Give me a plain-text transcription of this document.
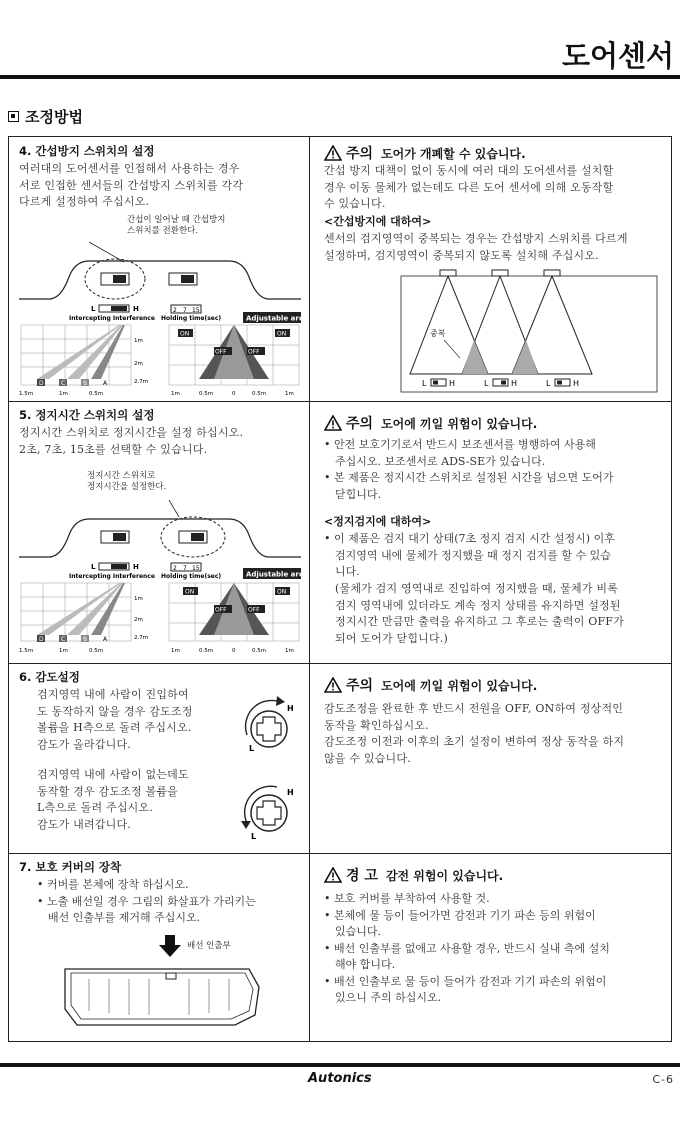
도어센서
조정방법
4. 간섭방지 스위치의 설정

여러대의 도어센서를 인접해서 사용하는 경우

서로 인접한 센서들의 간섭방지 스위치를 각각

다르게 설정하여 주십시오.

간섭이 일어날 때 간섭방지
스위치를 전환한다.
L	H
Intercepting Interference
2 7 15
Holding time(sec)	Adjustable are
1m
2m
2.7m
D	C	B	A
1.5m	1m	0.5m
ON	ON
OFF	OFF
1m	0.5m	0	0.5m	1m
주의 도어가 개폐할 수 있습니다.

간섭 방지 대책이 없이 동시에 여러 대의 도어센서를 설치할

경우 이동 물체가 없는데도 다른 도어 센서에 의해 오동작할

수 있습니다.

<간섭방지에 대하여>

센서의 검지영역이 중복되는 경우는 간섭방지 스위치를 다르게

설정하며, 검지영역이 중복되지 않도록 설치해 주십시오.

중복
L	H	L	H	L	H
5. 정지시간 스위치의 설정

정지시간 스위치로 정지시간을 설정 하십시오.

2초, 7초, 15초를 선택할 수 있습니다.

정지시간 스위치로
정지시간을 설정한다.
L	H
Intercepting Interference
2 7 15
Holding time(sec)	Adjustable are
1m
2m
2.7m
D	C	B	A
1.5m	1m	0.5m
ON	ON
OFF	OFF
1m	0.5m	0	0.5m	1m
주의 도어에 끼일 위험이 있습니다.

• 안전 보호기기로서 반드시 보조센서를 병행하여 사용해
주십시오. 보조센서로 ADS-SE가 있습니다.

• 본 제품은 정지시간 스위치로 설정된 시간을 넘으면 도어가
닫힙니다.

<정지검지에 대하여>

• 이 제품은 검지 대기 상태(7초 정지 검지 시간 설정시) 이후
검지영역 내에 물체가 정지했을 때 정지 검지를 할 수 있습
니다.

(물체가 검지 영역내로 진입하여 정지했을 때, 물체가 비록

검지 영역내에 있더라도 계속 정지 상태를 유지하면 설정된

정지시간 만큼만 출력을 유지하고 그 후로는 출력이 OFF가

되어 도어가 닫힙니다.)

6. 감도설정

검지영역 내에 사람이 진입하여

도 동작하지 않을 경우 감도조정

볼륨을 H측으로 돌려 주십시오.

감도가 올라갑니다.

검지영역 내에 사람이 없는데도

동작할 경우 감도조정 볼륨을

L측으로 돌려 주십시오.

감도가 내려갑니다.

H
L
H
L
주의 도어에 끼일 위험이 있습니다.

감도조정을 완료한 후 반드시 전원을 OFF, ON하여 정상적인

동작을 확인하십시오.

감도조정 이전과 이후의 초기 설정이 변하여 정상 동작을 하지

않을 수 있습니다.

7. 보호 커버의 장착

• 커버를 본체에 장착 하십시오.

• 노출 배선일 경우 그림의 화살표가 가리키는
배선 인출부를 제거해 주십시오.

배선 인출부
경 고 감전 위험이 있습니다.

• 보호 커버를 부착하여 사용할 것.

• 본체에 물 등이 들어가면 감전과 기기 파손 등의 위험이
있습니다.

• 배선 인출부를 없애고 사용할 경우, 반드시 실내 측에 설치
해야 합니다.

• 배선 인출부로 물 등이 들어가 감전과 기기 파손의 위험이
있으니 주의 하십시오.

Autonics	C-6
